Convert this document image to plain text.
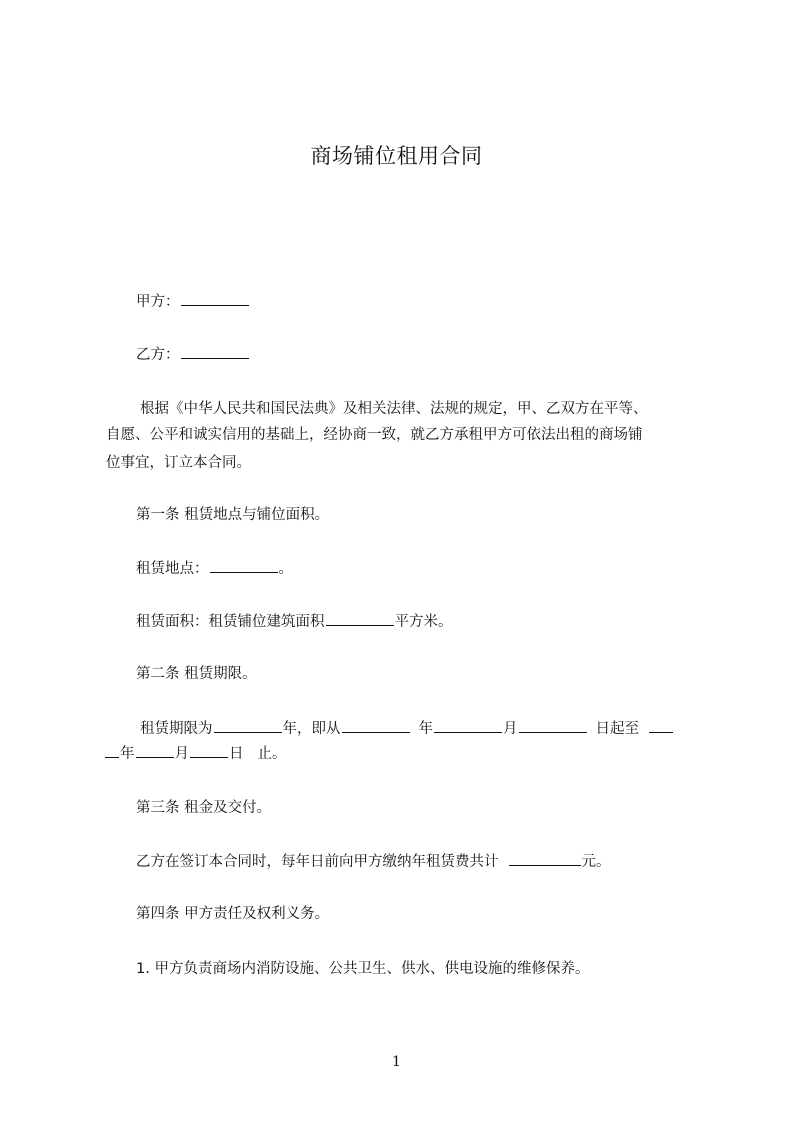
商场铺位租用合同
甲方：
乙方：
根据《中华人民共和国民法典》及相关法律、法规的规定，甲、乙双方在平等、
自愿、公平和诚实信用的基础上，经协商一致，就乙方承租甲方可依法出租的商场铺
位事宜，订立本合同。
第一条 租赁地点与铺位面积。
租赁地点：	。
租赁面积：租赁铺位建筑面积	平方米。
第二条 租赁期限。
租赁期限为	年，即从	年	月	日起至
年	月	日 止。
第三条 租金及交付。
乙方在签订本合同时，每年日前向甲方缴纳年租赁费共计	元。
第四条 甲方责任及权利义务。
1. 甲方负责商场内消防设施、公共卫生、供水、供电设施的维修保养。
1
